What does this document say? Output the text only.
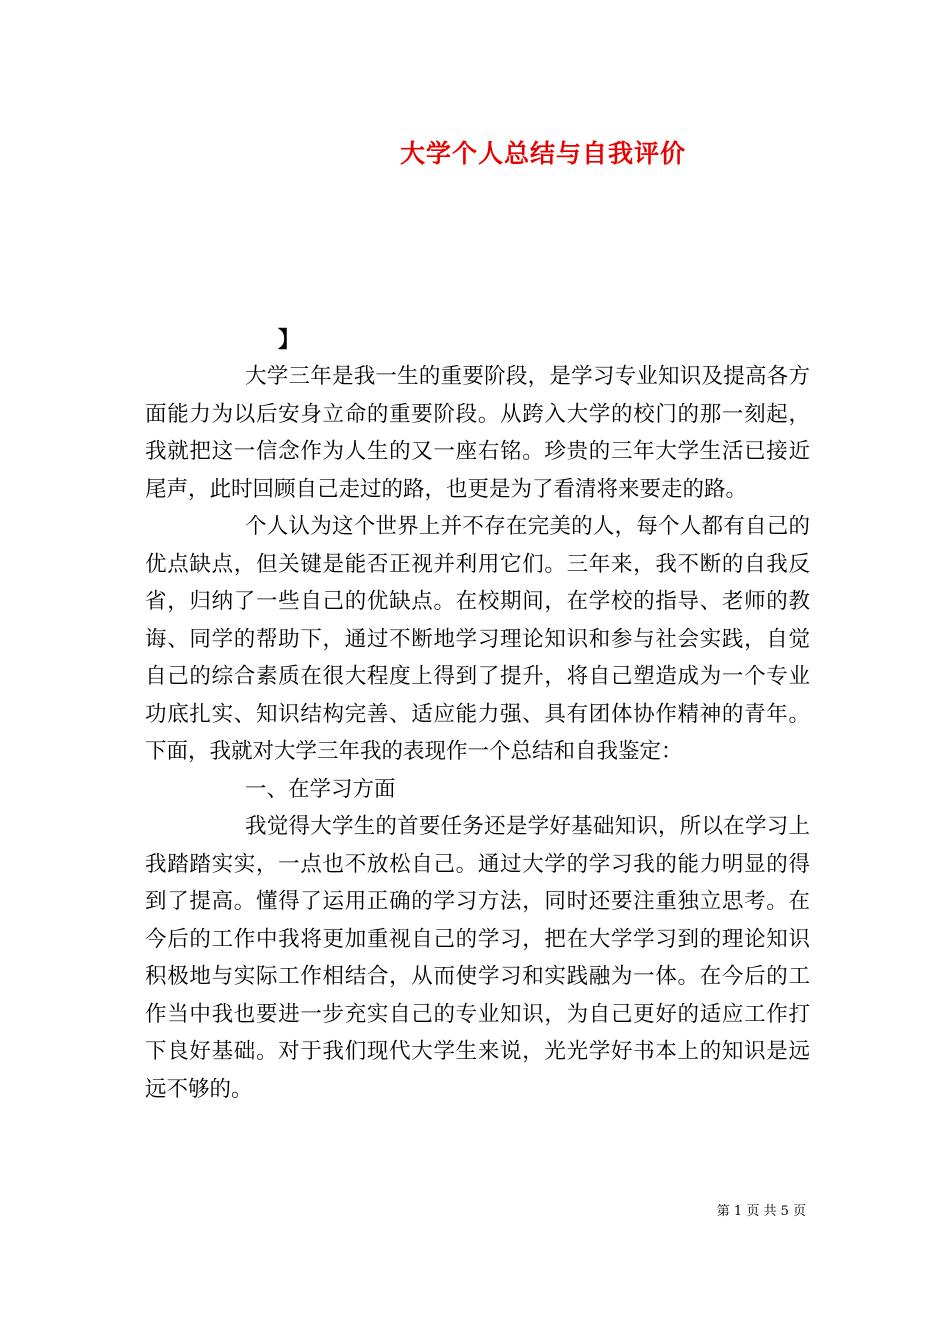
大学个人总结与自我评价
】

大学三年是我一生的重要阶段，是学习专业知识及提高各方面能力为以后安身立命的重要阶段。从跨入大学的校门的那一刻起，我就把这一信念作为人生的又一座右铭。珍贵的三年大学生活已接近尾声，此时回顾自己走过的路，也更是为了看清将来要走的路。

个人认为这个世界上并不存在完美的人，每个人都有自己的优点缺点，但关键是能否正视并利用它们。三年来，我不断的自我反省，归纳了一些自己的优缺点。在校期间，在学校的指导、老师的教诲、同学的帮助下，通过不断地学习理论知识和参与社会实践，自觉自己的综合素质在很大程度上得到了提升，将自己塑造成为一个专业功底扎实、知识结构完善、适应能力强、具有团体协作精神的青年。下面，我就对大学三年我的表现作一个总结和自我鉴定：

一、在学习方面

我觉得大学生的首要任务还是学好基础知识，所以在学习上我踏踏实实，一点也不放松自己。通过大学的学习我的能力明显的得到了提高。懂得了运用正确的学习方法，同时还要注重独立思考。在今后的工作中我将更加重视自己的学习，把在大学学习到的理论知识积极地与实际工作相结合，从而使学习和实践融为一体。在今后的工作当中我也要进一步充实自己的专业知识，为自己更好的适应工作打下良好基础。对于我们现代大学生来说，光光学好书本上的知识是远远不够的。

第 1 页 共 5 页
